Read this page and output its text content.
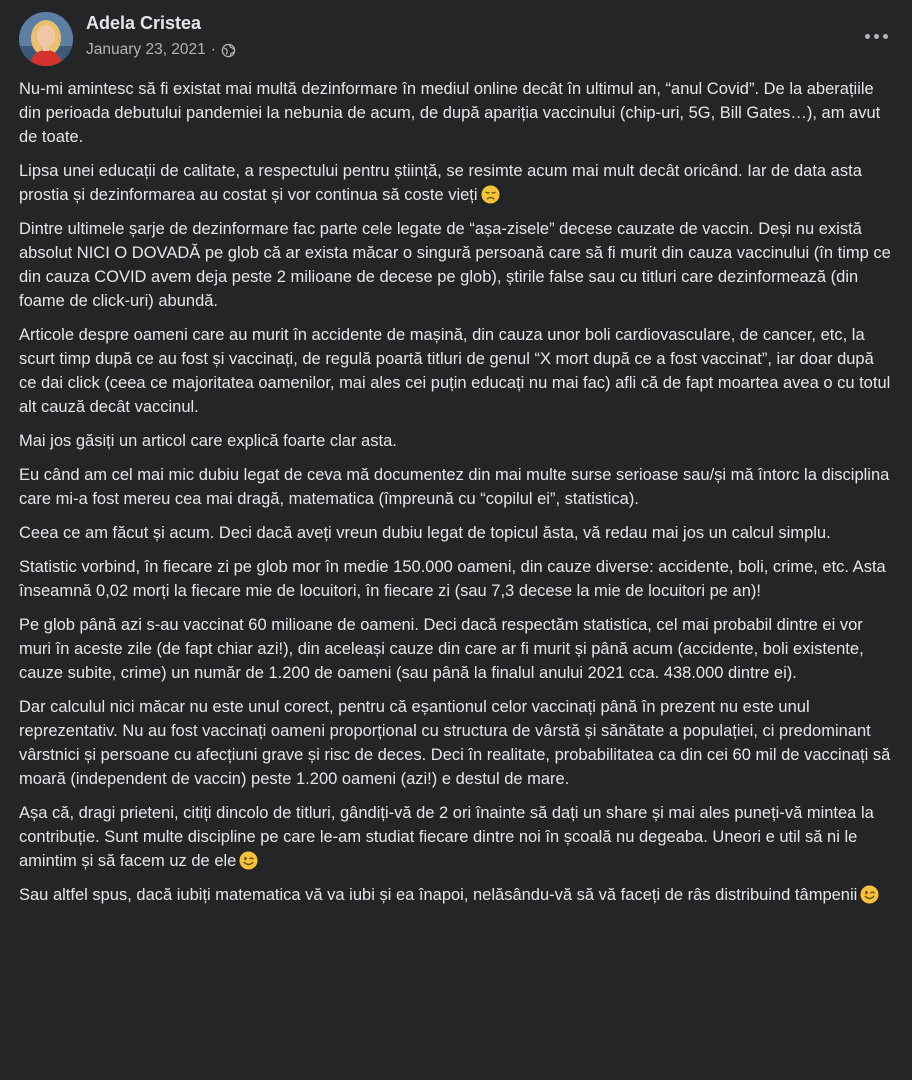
Adela Cristea
January 23, 2021 ·

Nu-mi amintesc să fi existat mai multă dezinformare în mediul online decât în ultimul an, “anul Covid”. De la aberațiile din perioada debutului pandemiei la nebunia de acum, de după apariția vaccinului (chip-uri, 5G, Bill Gates…), am avut de toate.

Lipsa unei educații de calitate, a respectului pentru știință, se resimte acum mai mult decât oricând. Iar de data asta prostia și dezinformarea au costat și vor continua să coste vieți

Dintre ultimele șarje de dezinformare fac parte cele legate de “așa-zisele” decese cauzate de vaccin. Deși nu există absolut NICI O DOVADĂ pe glob că ar exista măcar o singură persoană care să fi murit din cauza vaccinului (în timp ce din cauza COVID avem deja peste 2 milioane de decese pe glob), știrile false sau cu titluri care dezinformează (din foame de click-uri) abundă.

Articole despre oameni care au murit în accidente de mașină, din cauza unor boli cardiovasculare, de cancer, etc, la scurt timp după ce au fost și vaccinați, de regulă poartă titluri de genul “X mort după ce a fost vaccinat”, iar doar după ce dai click (ceea ce majoritatea oamenilor, mai ales cei puțin educați nu mai fac) afli că de fapt moartea avea o cu totul alt cauză decât vaccinul.

Mai jos găsiți un articol care explică foarte clar asta.

Eu când am cel mai mic dubiu legat de ceva mă documentez din mai multe surse serioase sau/și mă întorc la disciplina care mi-a fost mereu cea mai dragă, matematica (împreună cu “copilul ei”, statistica).

Ceea ce am făcut și acum. Deci dacă aveți vreun dubiu legat de topicul ăsta, vă redau mai jos un calcul simplu.

Statistic vorbind, în fiecare zi pe glob mor în medie 150.000 oameni, din cauze diverse: accidente, boli, crime, etc. Asta înseamnă 0,02 morți la fiecare mie de locuitori, în fiecare zi (sau 7,3 decese la mie de locuitori pe an)!

Pe glob până azi s-au vaccinat 60 milioane de oameni. Deci dacă respectăm statistica, cel mai probabil dintre ei vor muri în aceste zile (de fapt chiar azi!), din aceleași cauze din care ar fi murit și până acum (accidente, boli existente, cauze subite, crime) un număr de 1.200 de oameni (sau până la finalul anului 2021 cca. 438.000 dintre ei).

Dar calculul nici măcar nu este unul corect, pentru că eșantionul celor vaccinați până în prezent nu este unul reprezentativ. Nu au fost vaccinați oameni proporțional cu structura de vârstă și sănătate a populației, ci predominant vârstnici și persoane cu afecțiuni grave și risc de deces. Deci în realitate, probabilitatea ca din cei 60 mil de vaccinați să moară (independent de vaccin) peste 1.200 oameni (azi!) e destul de mare.

Așa că, dragi prieteni, citiți dincolo de titluri, gândiți-vă de 2 ori înainte să dați un share și mai ales puneți-vă mintea la contribuție. Sunt multe discipline pe care le-am studiat fiecare dintre noi în școală nu degeaba. Uneori e util să ni le amintim și să facem uz de ele

Sau altfel spus, dacă iubiți matematica vă va iubi și ea înapoi, nelăsându-vă să vă faceți de râs distribuind tâmpenii
